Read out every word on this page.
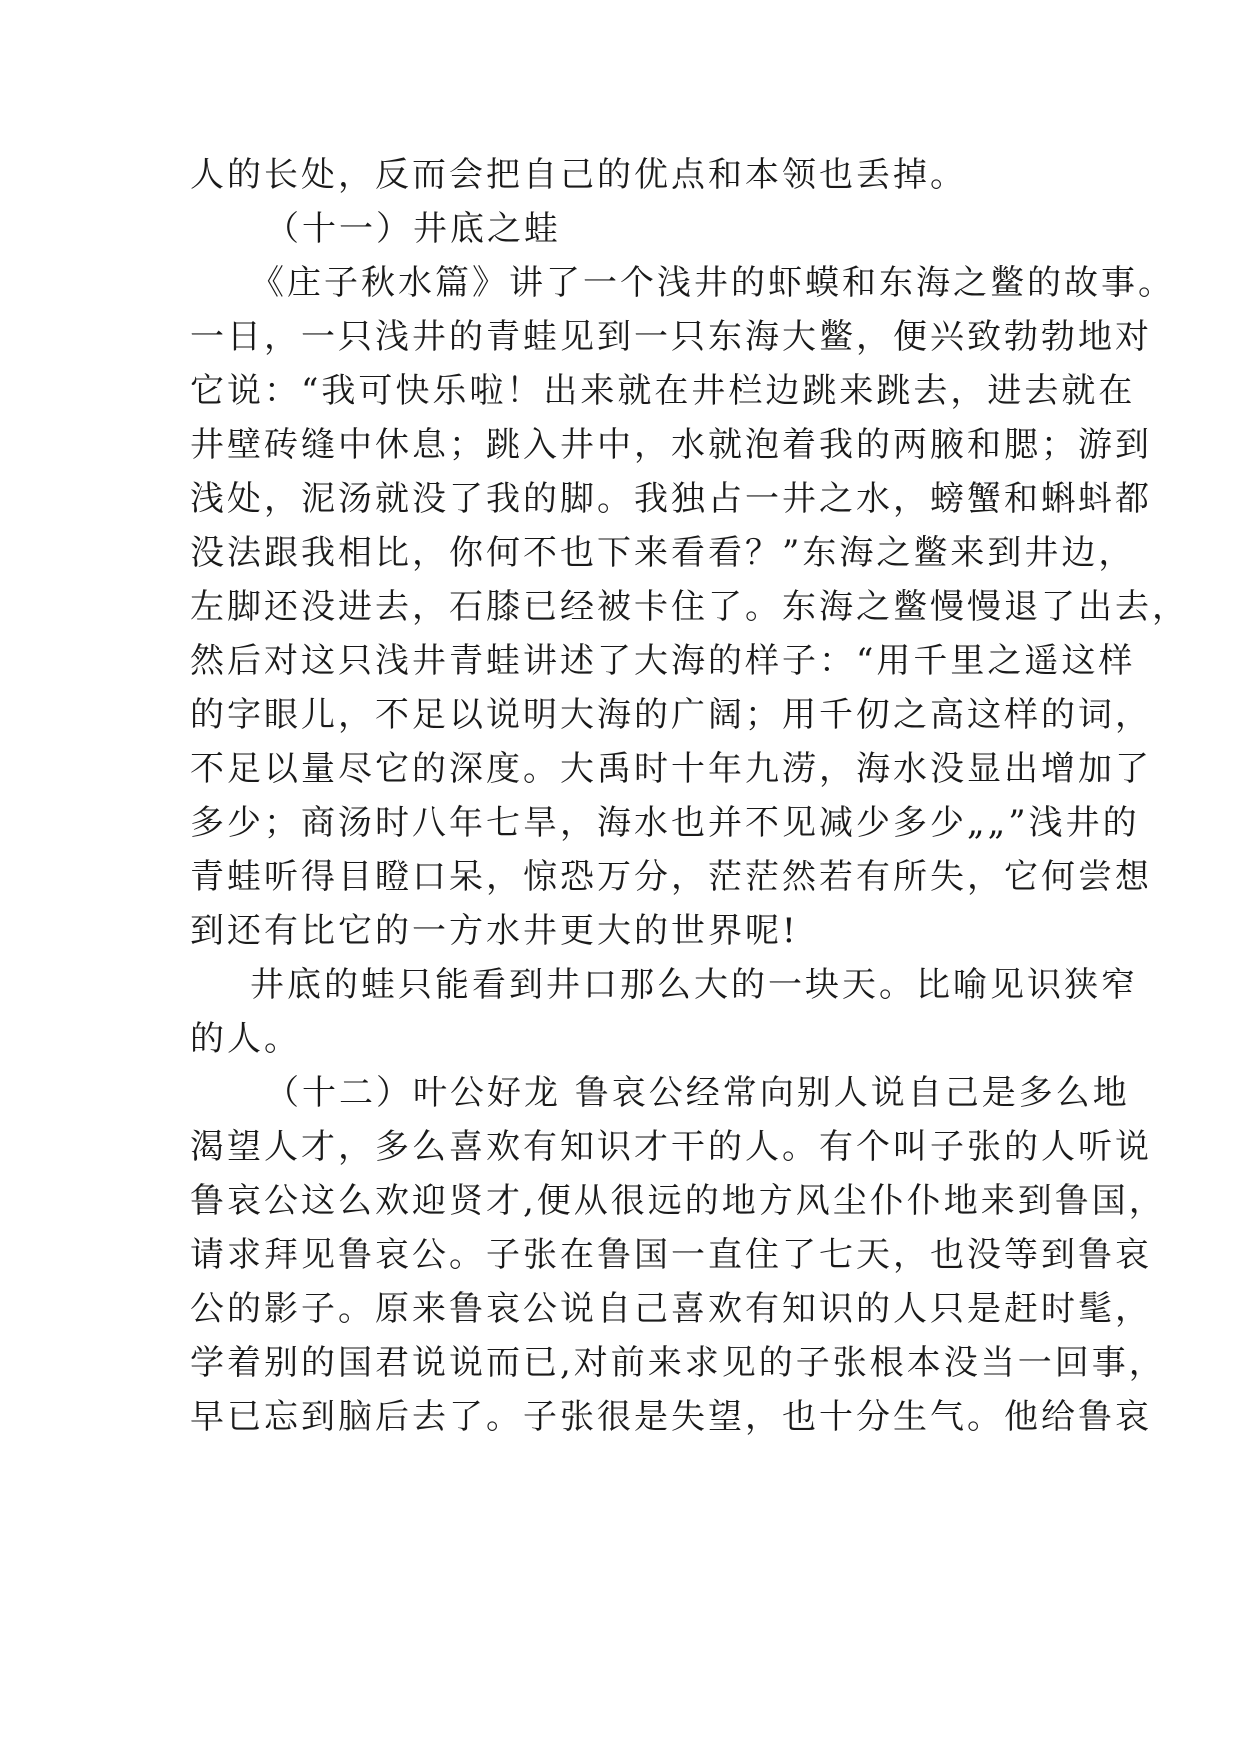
人的长处，反而会把自己的优点和本领也丢掉。
（十一）井底之蛙
《庄子秋水篇》讲了一个浅井的虾蟆和东海之鳖的故事。
一日，一只浅井的青蛙见到一只东海大鳖，便兴致勃勃地对
它说：“我可快乐啦！出来就在井栏边跳来跳去，进去就在
井壁砖缝中休息；跳入井中，水就泡着我的两腋和腮；游到
浅处，泥汤就没了我的脚。我独占一井之水，螃蟹和蝌蚪都
没法跟我相比，你何不也下来看看？”东海之鳖来到井边，
左脚还没进去，石膝已经被卡住了。东海之鳖慢慢退了出去，
然后对这只浅井青蛙讲述了大海的样子：“用千里之遥这样
的字眼儿，不足以说明大海的广阔；用千仞之高这样的词，
不足以量尽它的深度。大禹时十年九涝，海水没显出增加了
多少；商汤时八年七旱，海水也并不见减少多少„„”浅井的
青蛙听得目瞪口呆，惊恐万分，茫茫然若有所失，它何尝想
到还有比它的一方水井更大的世界呢!
井底的蛙只能看到井口那么大的一块天。比喻见识狭窄
的人。
（十二）叶公好龙 鲁哀公经常向别人说自己是多么地
渴望人才，多么喜欢有知识才干的人。有个叫子张的人听说
鲁哀公这么欢迎贤才,便从很远的地方风尘仆仆地来到鲁国，
请求拜见鲁哀公。子张在鲁国一直住了七天，也没等到鲁哀
公的影子。原来鲁哀公说自己喜欢有知识的人只是赶时髦，
学着别的国君说说而已,对前来求见的子张根本没当一回事，
早已忘到脑后去了。子张很是失望，也十分生气。他给鲁哀
